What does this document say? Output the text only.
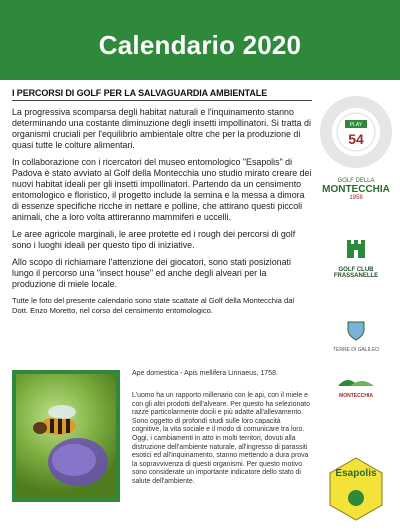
Calendario 2020
I PERCORSI DI GOLF PER LA SALVAGUARDIA AMBIENTALE

La progressiva scomparsa degli habitat naturali e l'inquinamento stanno determinando una costante diminuzione degli insetti impollinatori. Si tratta di organismi cruciali per l'equilibrio ambientale oltre che per la produzione di quasi tutte le colture alimentari.

In collaborazione con i ricercatori del museo entomologico "Esapolis" di Padova è stato avviato al Golf della Montecchia uno studio mirato creare dei nuovi habitat ideali per gli insetti impollinatori. Partendo da un censimento entomologico e floristico, il progetto include la semina e la messa a dimora di essenze specifiche ricche in nettare e polline, che attirano questi piccoli animali, che a loro volta attireranno mammiferi e uccelli.

Le aree agricole marginali, le aree protette ed i rough dei percorsi di golf sono i luoghi ideali per questo tipo di iniziative.

Allo scopo di richiamare l'attenzione dei giocatori, sono stati posizionati lungo il percorso una "insect house" ed anche degli alveari per la produzione di miele locale.

Tutte le foto del presente calendario sono state scattate al Golf della Montecchia dal Dott. Enzo Moretto, nel corso del censimento entomologico.

Ape domestica - Apis mellifera Linnaeus, 1758.
L'uomo ha un rapporto millenario con le api, con il miele e con gli altri prodotti dell'alveare. Per questo ha selezionato razze particolarmente docili e più adatte all'allevamento. Sono oggetto di profondi studi sulle loro capacità cognitive, la vita sociale e il modo di comunicare tra loro. Oggi, i cambiamenti in atto in molti territori, dovuti alla distruzione dell'ambiente naturale, all'ingresso di parassiti esotici ed all'inquinamento, stanno mettendo a dura prova la sopravvivenza di questi organismi. Per questo motivo sono considerate un importante indicatore dello stato di salute dell'ambiente.
PLAY
54
GOLF DELLA
MONTECCHIA
1958
GOLF CLUB
FRASSANELLE
TERRE DI GALILEO
MONTECCHIA
Esapolis
